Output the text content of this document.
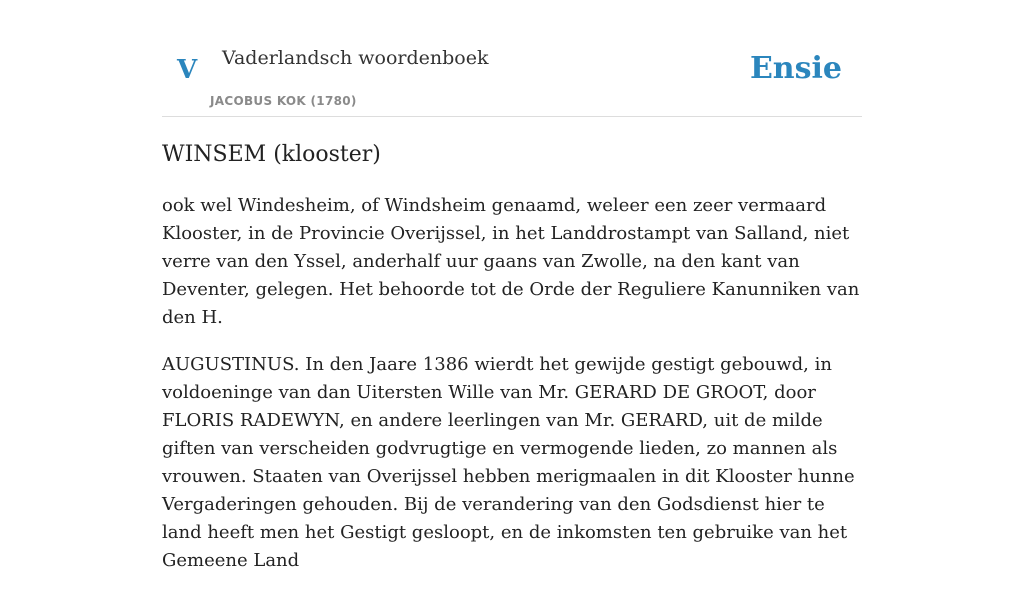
V Vaderlandsch woordenboek
JACOBUS KOK (1780)
Ensie
WINSEM (klooster)

ook wel Windesheim, of Windsheim genaamd, weleer een zeer vermaard Klooster, in de Provincie Overijssel, in het Landdrostampt van Salland, niet verre van den Yssel, anderhalf uur gaans van Zwolle, na den kant van Deventer, gelegen. Het behoorde tot de Orde der Reguliere Kanunniken van den H.

AUGUSTINUS. In den Jaare 1386 wierdt het gewijde gestigt gebouwd, in voldoeninge van dan Uitersten Wille van Mr. GERARD DE GROOT, door FLORIS RADEWYN, en andere leerlingen van Mr. GERARD, uit de milde giften van verscheiden godvrugtige en vermogende lieden, zo mannen als vrouwen. Staaten van Overijssel hebben merigmaalen in dit Klooster hunne Vergaderingen gehouden. Bij de verandering van den Godsdienst hier te land heeft men het Gestigt gesloopt, en de inkomsten ten gebruike van het Gemeene Land
